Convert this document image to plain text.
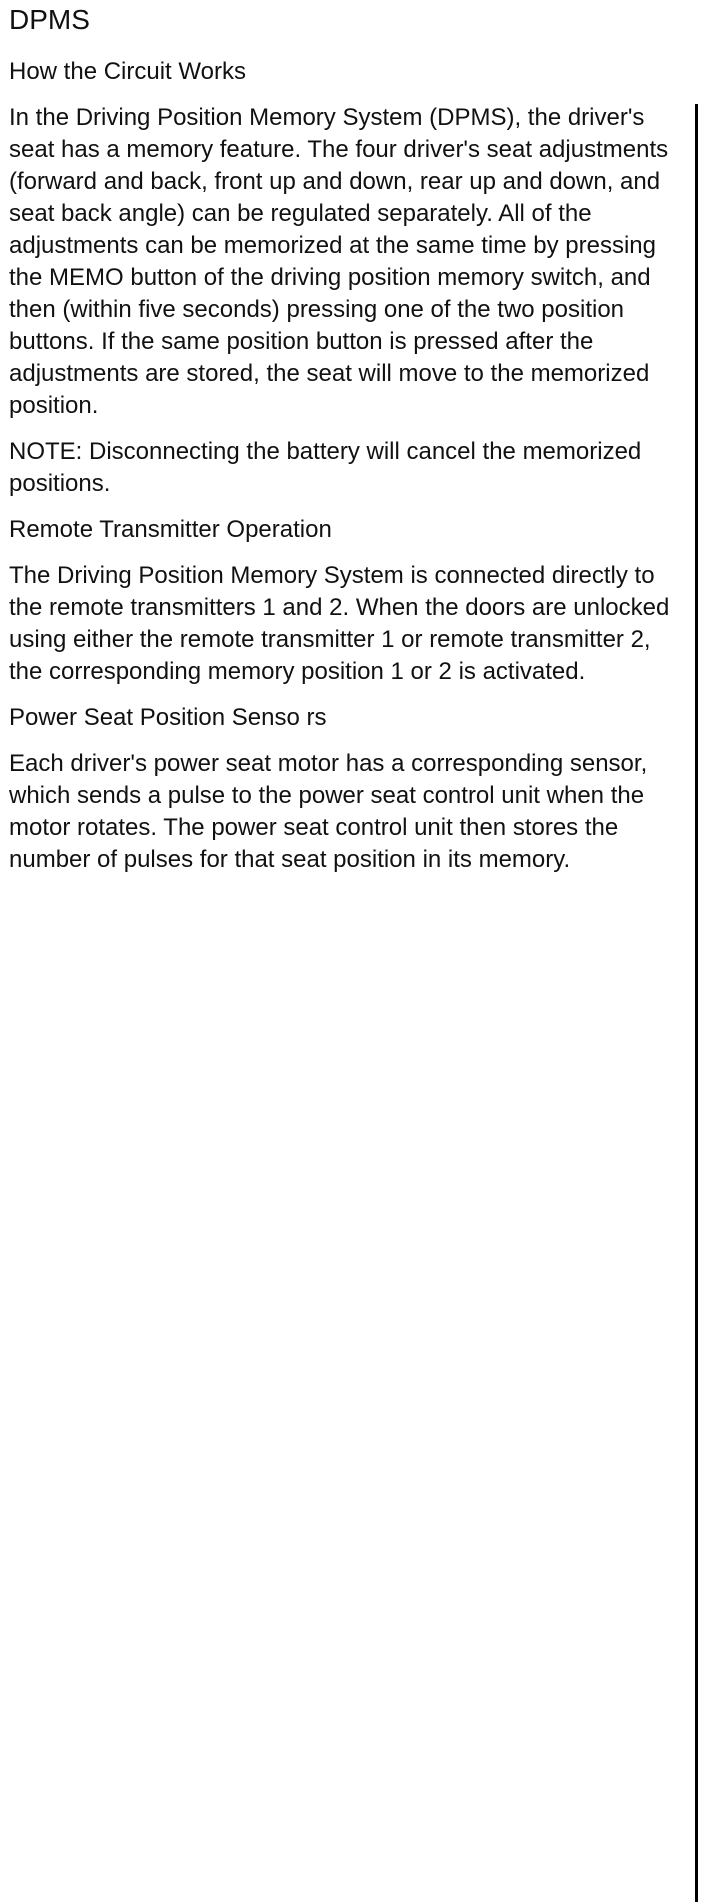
DPMS
How the Circuit Works

In the Driving Position Memory System (DPMS), the driver's seat has a memory feature. The four driver's seat adjustments (forward and back, front up and down, rear up and down, and seat back angle) can be regulated separately. All of the adjustments can be memorized at the same time by pressing the MEMO button of the driving position memory switch, and then (within five seconds) pressing one of the two position buttons. If the same position button is pressed after the adjustments are stored, the seat will move to the memorized position.

NOTE: Disconnecting the battery will cancel the memorized positions.

Remote Transmitter Operation

The Driving Position Memory System is connected directly to the remote transmitters 1 and 2. When the doors are unlocked using either the remote transmitter 1 or remote transmitter 2, the corresponding memory position 1 or 2 is activated.

Power Seat Position Senso rs

Each driver's power seat motor has a corresponding sensor, which sends a pulse to the power seat control unit when the motor rotates. The power seat control unit then stores the number of pulses for that seat position in its memory.
